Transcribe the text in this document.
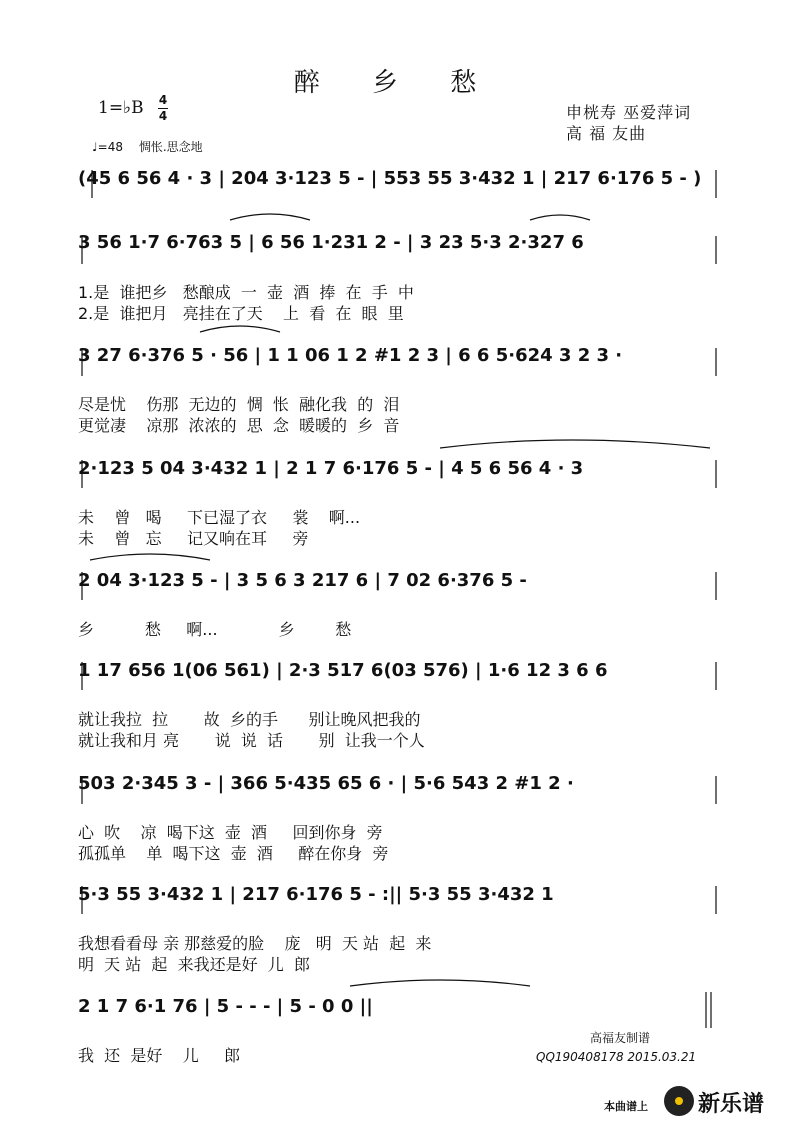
醉 乡 愁
1=♭B 4
4	申桄寿 巫爱萍词
高 福 友曲
♩=48 惆怅.思念地
(45 6 56 4 · 3 | 204 3·123 5 - | 553 55 3·432 1 | 217 6·176 5 - )
3 56 1·7 6·763 5 | 6 56 1·231 2 - | 3 23 5·3 2·327 6
1.是  谁把乡   愁酿成  一  壶  酒  捧  在  手  中
2.是  谁把月   亮挂在了天    上  看  在  眼  里
3 27 6·376 5 · 56 | 1 1 06 1 2 #1 2 3 | 6 6 5·624 3 2 3 ·
尽是忧    伤那  无边的  惆  怅  融化我  的  泪
更觉凄    凉那  浓浓的  思  念  暖暖的  乡  音
2·123 5 04 3·432 1 | 2 1 7 6·176 5 - | 4 5 6 56 4 · 3
未    曾   喝     下已湿了衣     裳    啊...
未    曾   忘     记又响在耳     旁
2 04 3·123 5 - | 3 5 6 3 217 6 | 7 02 6·376 5 -
乡          愁     啊...            乡        愁
1 17 656 1(06 561) | 2·3 517 6(03 576) | 1·6 12 3 6 6
就让我拉  拉       故  乡的手      别让晚风把我的
就让我和月 亮       说  说  话       别  让我一个人
503 2·345 3 - | 366 5·435 65 6 · | 5·6 543 2 #1 2 ·
心  吹    凉  喝下这  壶  酒     回到你身  旁
孤孤单    单  喝下这  壶  酒     醉在你身  旁
5·3 55 3·432 1 | 217 6·176 5 - :|| 5·3 55 3·432 1
我想看看母 亲 那慈爱的脸    庞   明  天 站  起  来
明  天 站  起  来我还是好  儿  郎
2 1 7 6·1 76 | 5 - - - | 5 - 0 0 ||
我  还  是好    儿     郎
高福友制谱
QQ190408178 2015.03.21
本曲谱上 新乐谱
